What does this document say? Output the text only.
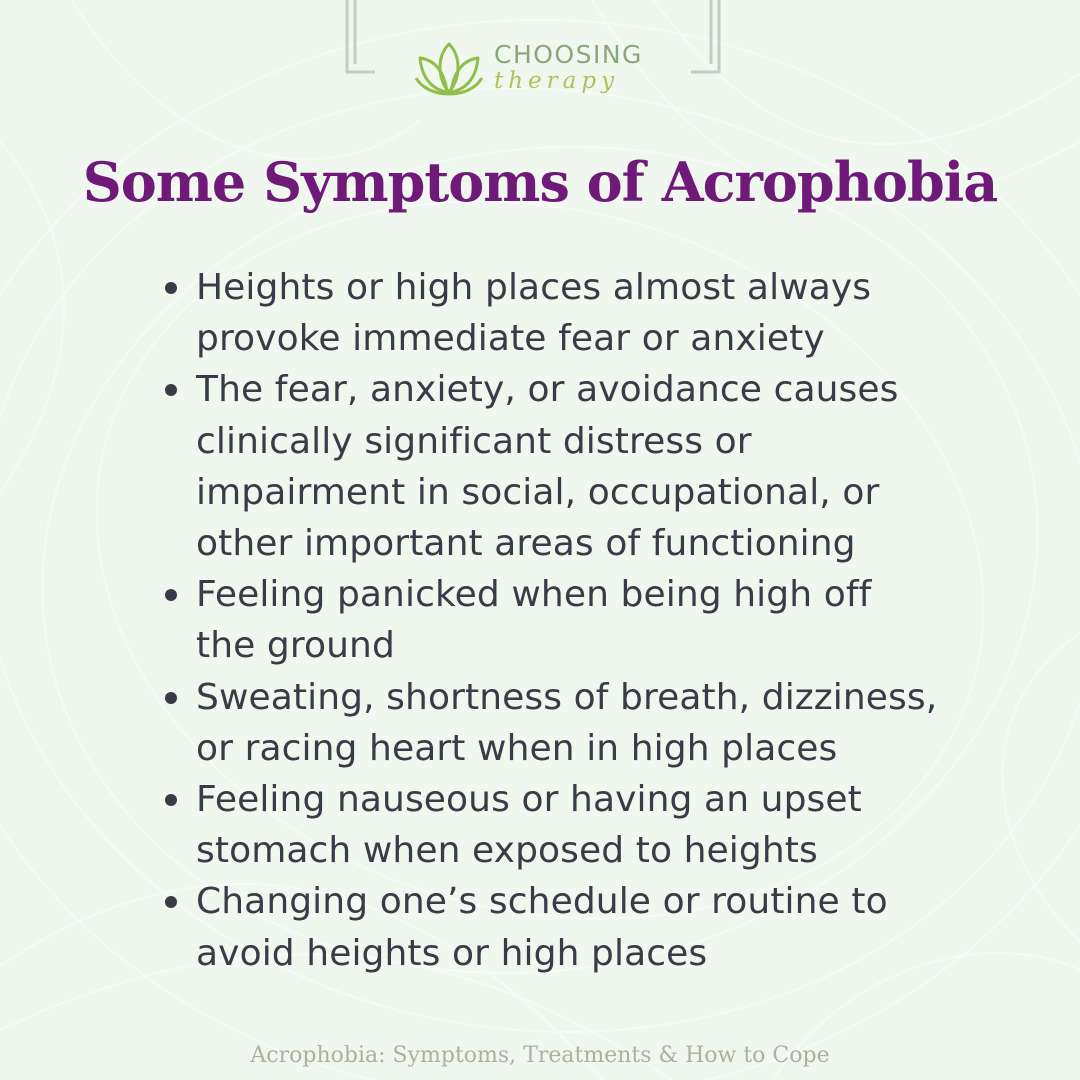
CHOOSING
therapy
Some Symptoms of Acrophobia
Heights or high places almost always
provoke immediate fear or anxiety
The fear, anxiety, or avoidance causes
clinically significant distress or
impairment in social, occupational, or
other important areas of functioning
Feeling panicked when being high off
the ground
Sweating, shortness of breath, dizziness,
or racing heart when in high places
Feeling nauseous or having an upset
stomach when exposed to heights
Changing one’s schedule or routine to
avoid heights or high places
Acrophobia: Symptoms, Treatments & How to Cope
